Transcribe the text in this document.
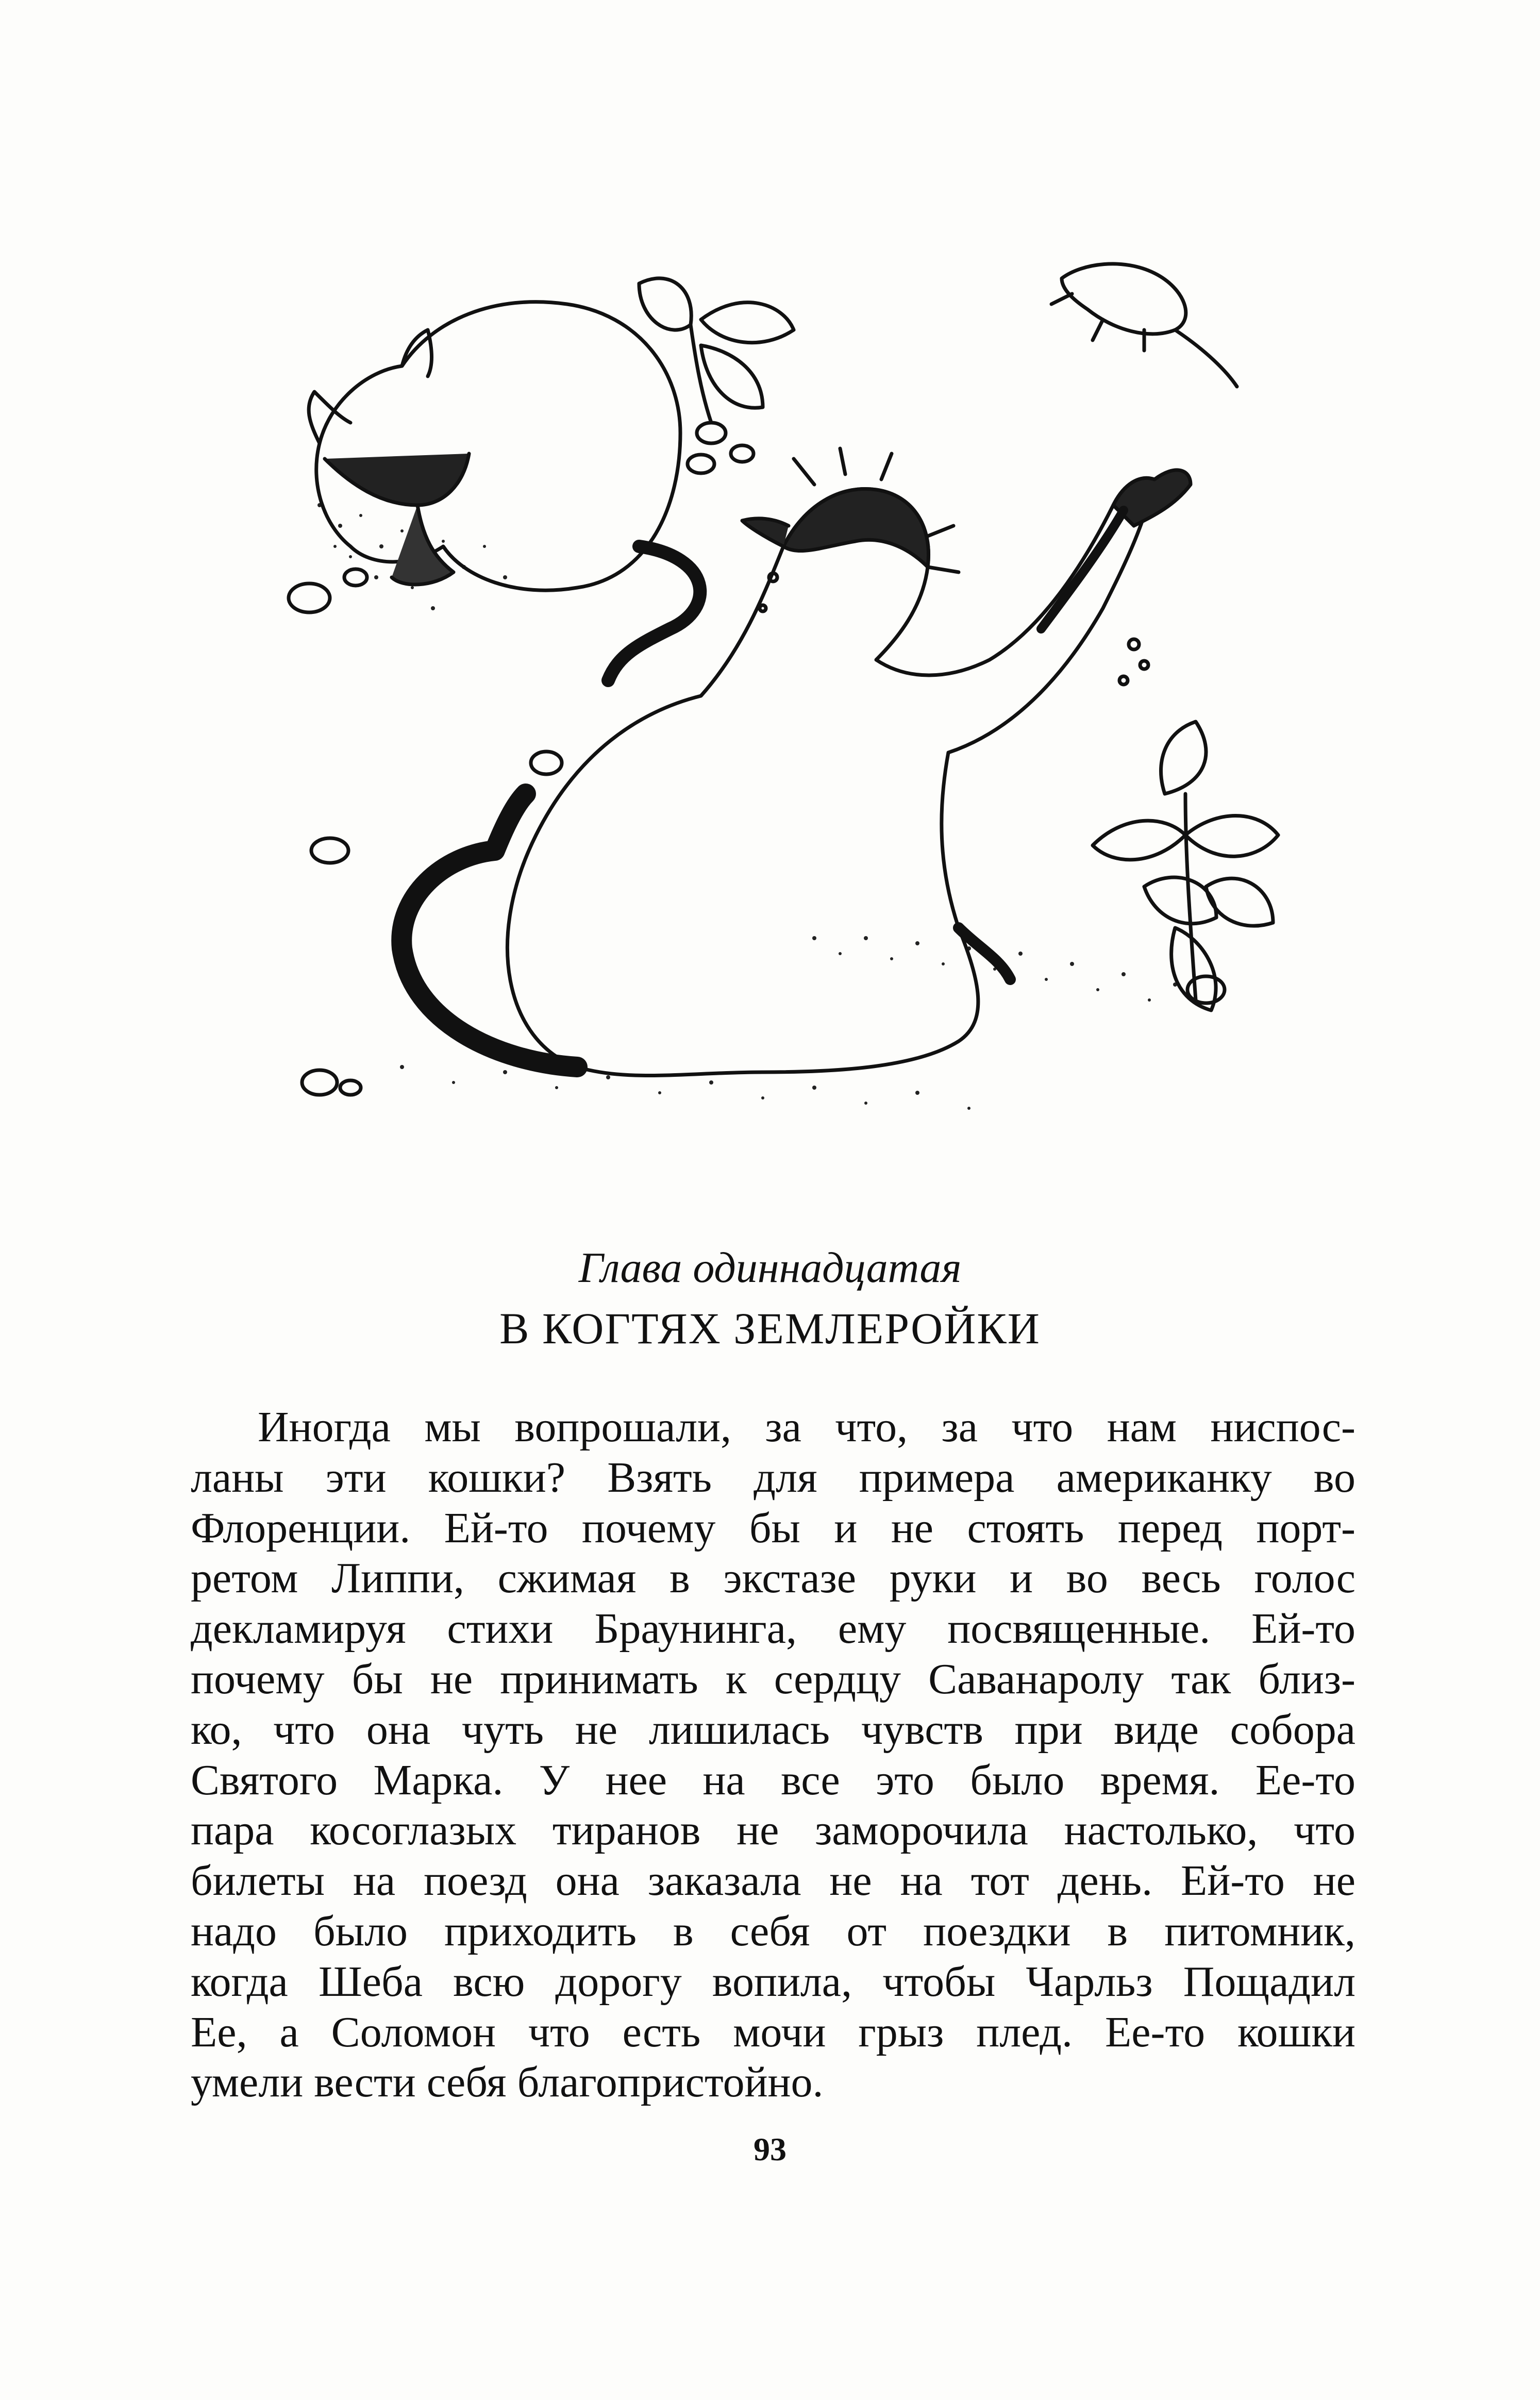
Глава одиннадцатая
В КОГТЯХ ЗЕМЛЕРОЙКИ
Иногда мы вопрошали, за что, за что нам ниспос-
ланы эти кошки? Взять для примера американку во
Флоренции. Ей-то почему бы и не стоять перед порт-
ретом Липпи, сжимая в экстазе руки и во весь голос
декламируя стихи Браунинга, ему посвященные. Ей-то
почему бы не принимать к сердцу Саванаролу так близ-
ко, что она чуть не лишилась чувств при виде собора
Святого Марка. У нее на все это было время. Ее-то
пара косоглазых тиранов не заморочила настолько, что
билеты на поезд она заказала не на тот день. Ей-то не
надо было приходить в себя от поездки в питомник,
когда Шеба всю дорогу вопила, чтобы Чарльз Пощадил
Ее, а Соломон что есть мочи грыз плед. Ее-то кошки
умели вести себя благопристойно.
93
